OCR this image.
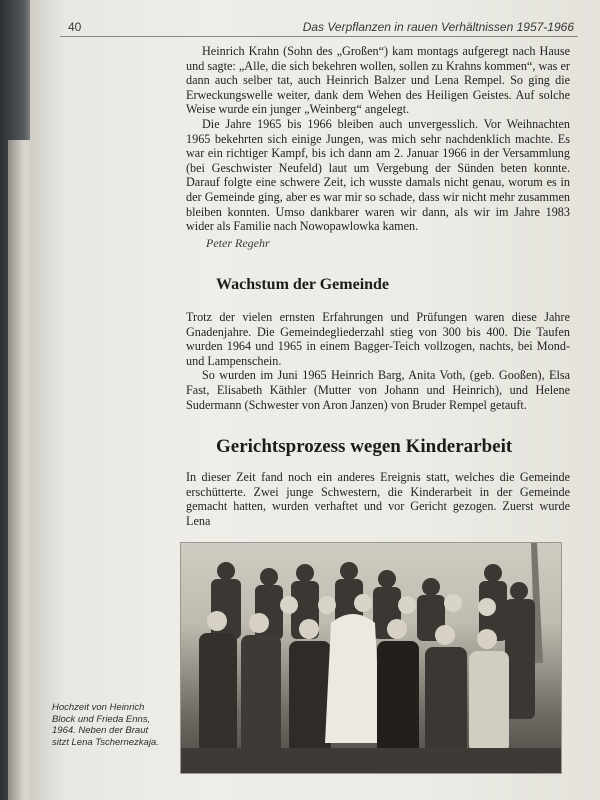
40	Das Verpflanzen in rauen Verhältnissen 1957-1966

Heinrich Krahn (Sohn des „Großen“) kam montags aufgeregt nach Hause und sagte: „Alle, die sich bekehren wollen, sollen zu Krahns kommen“, was er dann auch selber tat, auch Heinrich Balzer und Lena Rempel. So ging die Erweckungswelle weiter, dank dem Wehen des Heiligen Geistes. Auf solche Weise wurde ein junger „Weinberg“ angelegt.

Die Jahre 1965 bis 1966 bleiben auch unvergesslich. Vor Weihnachten 1965 bekehrten sich einige Jungen, was mich sehr nachdenklich machte. Es war ein richtiger Kampf, bis ich dann am 2. Januar 1966 in der Versammlung (bei Geschwister Neufeld) laut um Vergebung der Sünden beten konnte. Darauf folgte eine schwere Zeit, ich wusste damals nicht genau, worum es in der Gemeinde ging, aber es war mir so schade, dass wir nicht mehr zusammen bleiben konnten. Umso dankbarer waren wir dann, als wir im Jahre 1983 wider als Familie nach Nowopawlowka kamen.

Peter Regehr
Wachstum der Gemeinde

Trotz der vielen ernsten Erfahrungen und Prüfungen waren diese Jahre Gnadenjahre. Die Gemeindegliederzahl stieg von 300 bis 400. Die Taufen wurden 1964 und 1965 in einem Bagger-Teich vollzogen, nachts, bei Mond- und Lampenschein.

So wurden im Juni 1965 Heinrich Barg, Anita Voth, (geb. Gooßen), Elsa Fast, Elisabeth Käthler (Mutter von Johann und Heinrich), und Helene Sudermann (Schwester von Aron Janzen) von Bruder Rempel getauft.

Gerichtsprozess wegen Kinderarbeit

In dieser Zeit fand noch ein anderes Ereignis statt, welches die Gemeinde erschütterte. Zwei junge Schwestern, die Kinderarbeit in der Gemeinde gemacht hatten, wurden verhaftet und vor Gericht gezogen. Zuerst wurde Lena

Hochzeit von Heinrich Block und Frieda Enns, 1964. Neben der Braut sitzt Lena Tschernezkaja.
